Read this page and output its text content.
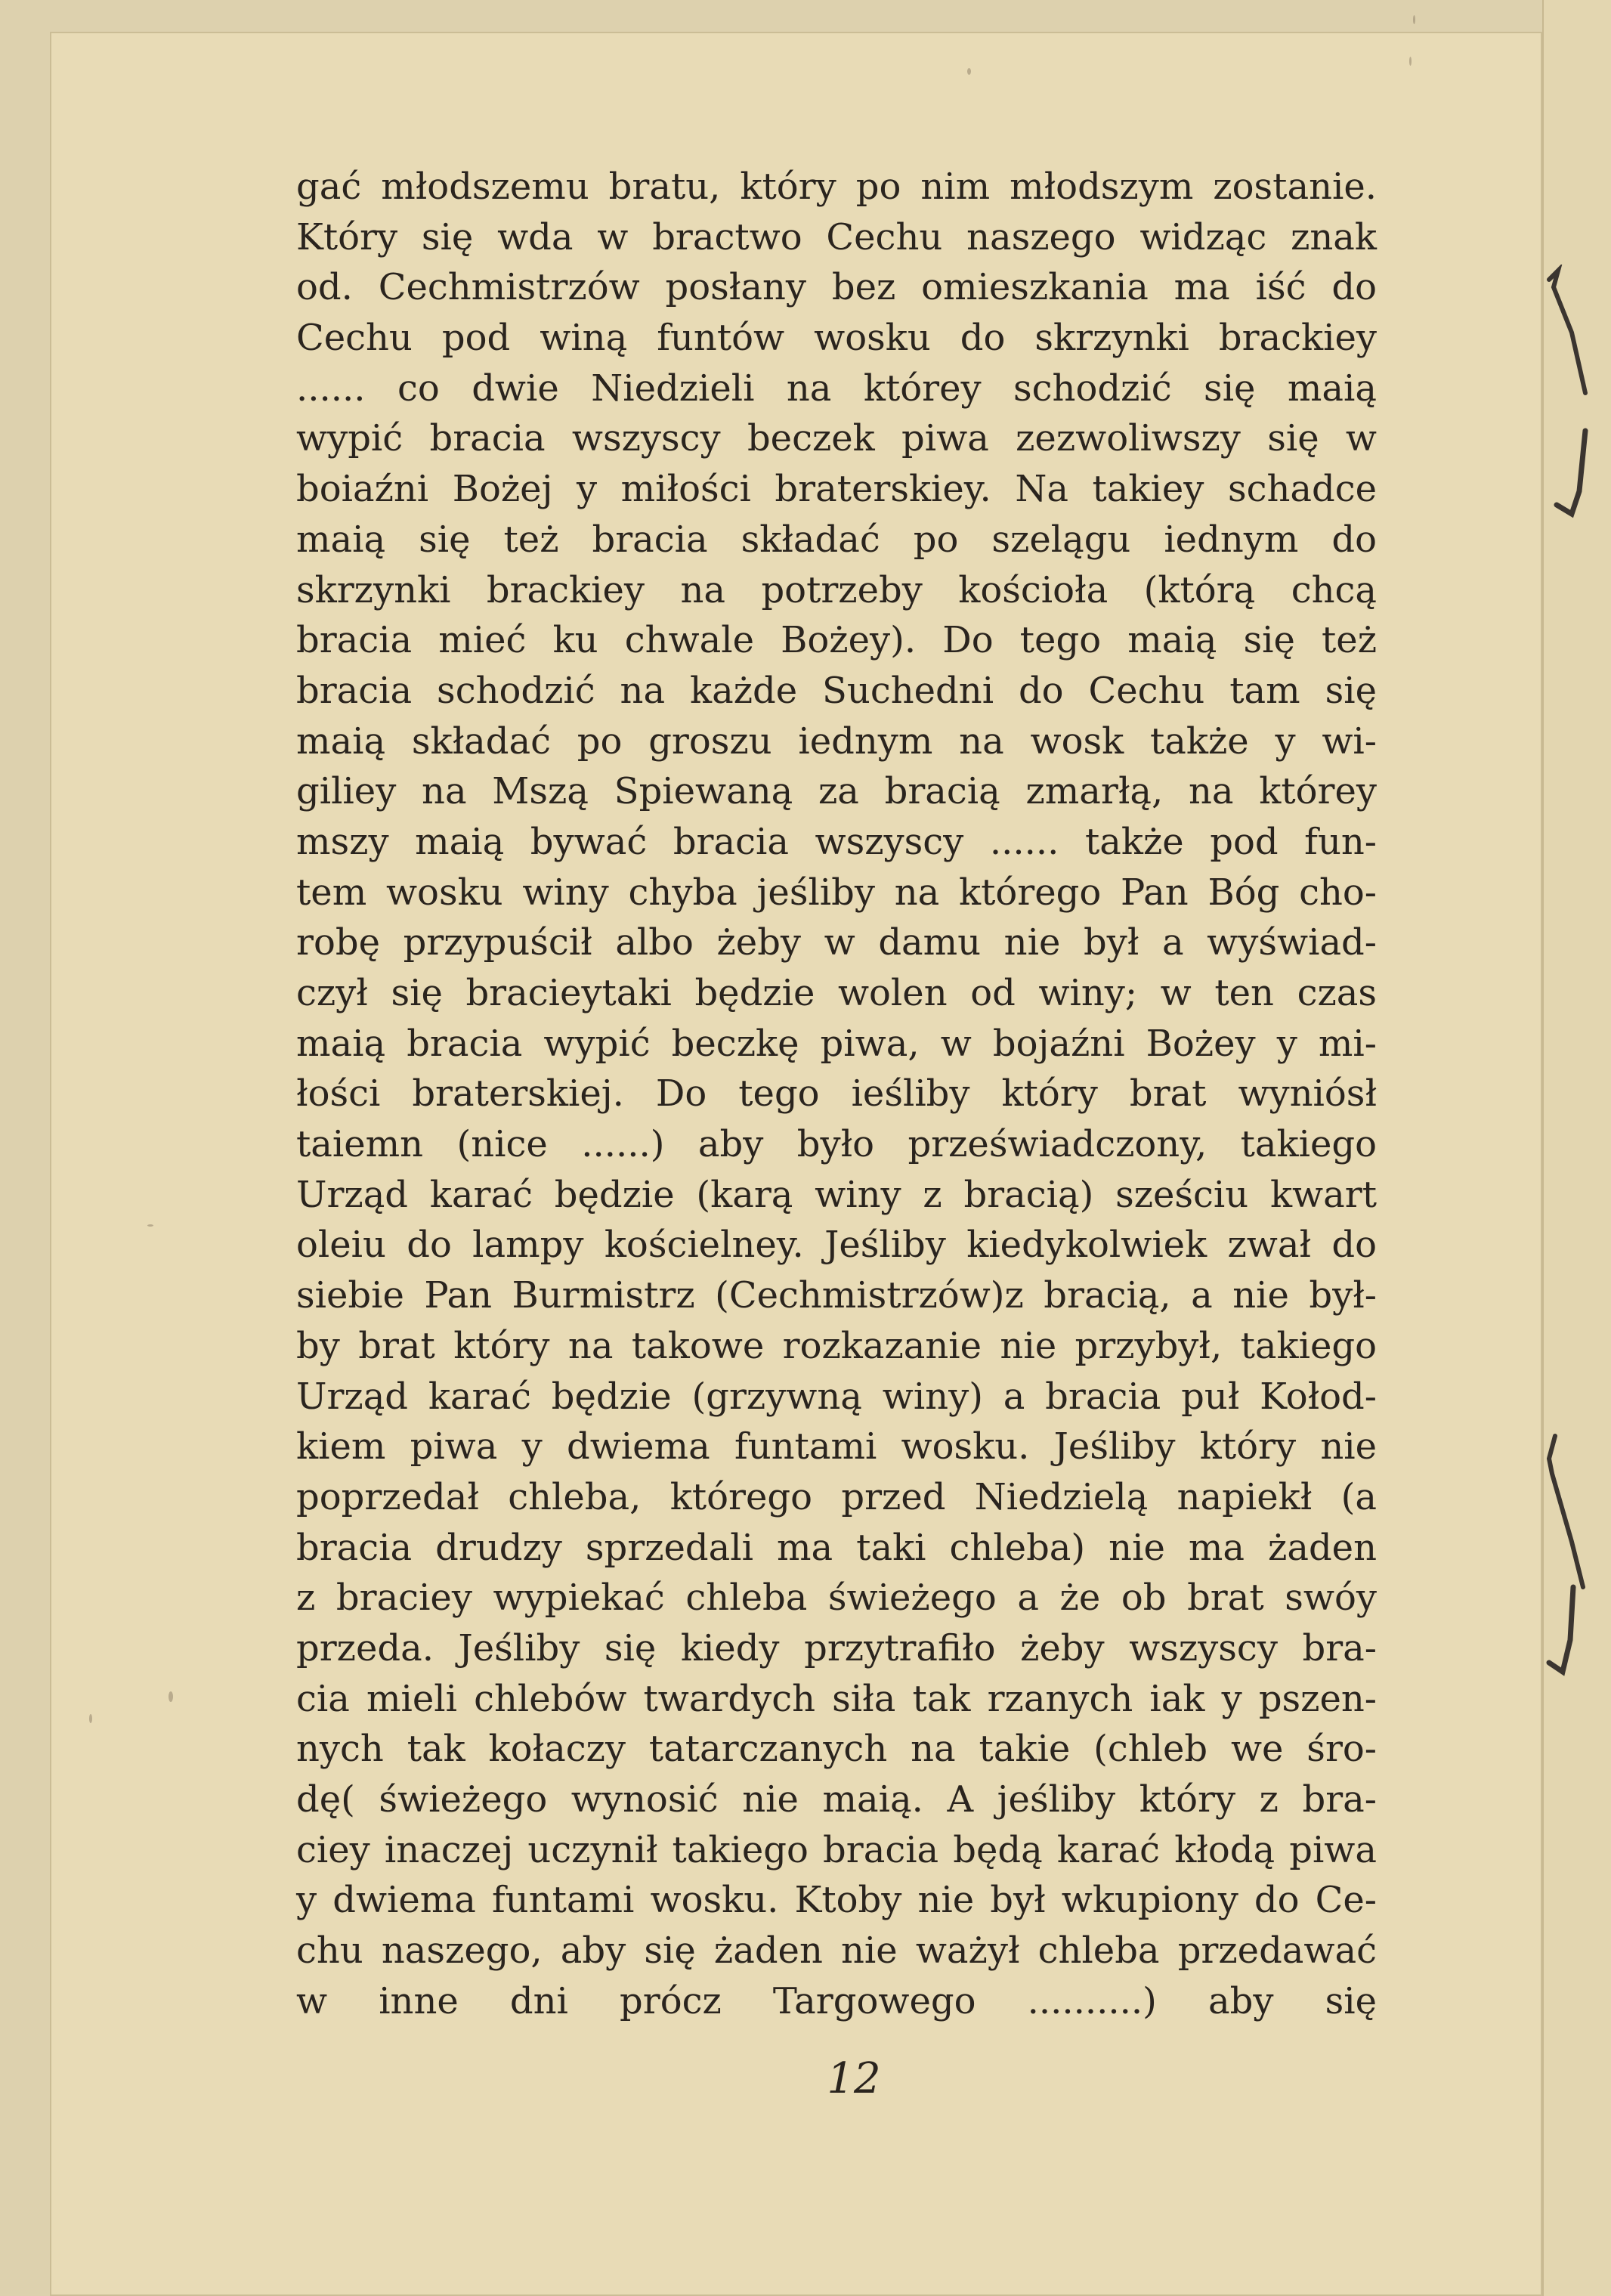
gać młodszemu bratu, który po nim młodszym zostanie.
Który się wda w bractwo Cechu naszego widząc znak
od. Cechmistrzów posłany bez omieszkania ma iść do
Cechu pod winą funtów wosku do skrzynki brackiey
...... co dwie Niedzieli na którey schodzić się maią
wypić bracia wszyscy beczek piwa zezwoliwszy się w
boiaźni Bożej y miłości braterskiey. Na takiey schadce
maią się też bracia składać po szelągu iednym do
skrzynki brackiey na potrzeby kościoła (którą chcą
bracia mieć ku chwale Bożey). Do tego maią się też
bracia schodzić na każde Suchedni do Cechu tam się
maią składać po groszu iednym na wosk także y wi-
giliey na Mszą Spiewaną za bracią zmarłą, na którey
mszy maią bywać bracia wszyscy ...... także pod fun-
tem wosku winy chyba jeśliby na którego Pan Bóg cho-
robę przypuścił albo żeby w damu nie był a wyświad-
czył się bracieytaki będzie wolen od winy; w ten czas
maią bracia wypić beczkę piwa, w bojaźni Bożey y mi-
łości braterskiej. Do tego ieśliby który brat wyniósł
taiemn (nice ......) aby było przeświadczony, takiego
Urząd karać będzie (karą winy z bracią) sześciu kwart
oleiu do lampy kościelney. Jeśliby kiedykolwiek zwał do
siebie Pan Burmistrz (Cechmistrzów)z bracią, a nie był-
by brat który na takowe rozkazanie nie przybył, takiego
Urząd karać będzie (grzywną winy) a bracia puł Kołod-
kiem piwa y dwiema funtami wosku. Jeśliby który nie
poprzedał chleba, którego przed Niedzielą napiekł (a
bracia drudzy sprzedali ma taki chleba) nie ma żaden
z braciey wypiekać chleba świeżego a że ob brat swóy
przeda. Jeśliby się kiedy przytrafiło żeby wszyscy bra-
cia mieli chlebów twardych siła tak rzanych iak y pszen-
nych tak kołaczy tatarczanych na takie (chleb we śro-
dę( świeżego wynosić nie maią. A jeśliby który z bra-
ciey inaczej uczynił takiego bracia będą karać kłodą piwa
y dwiema funtami wosku. Ktoby nie był wkupiony do Ce-
chu naszego, aby się żaden nie ważył chleba przedawać
w inne dni prócz Targowego ..........) aby się
12
